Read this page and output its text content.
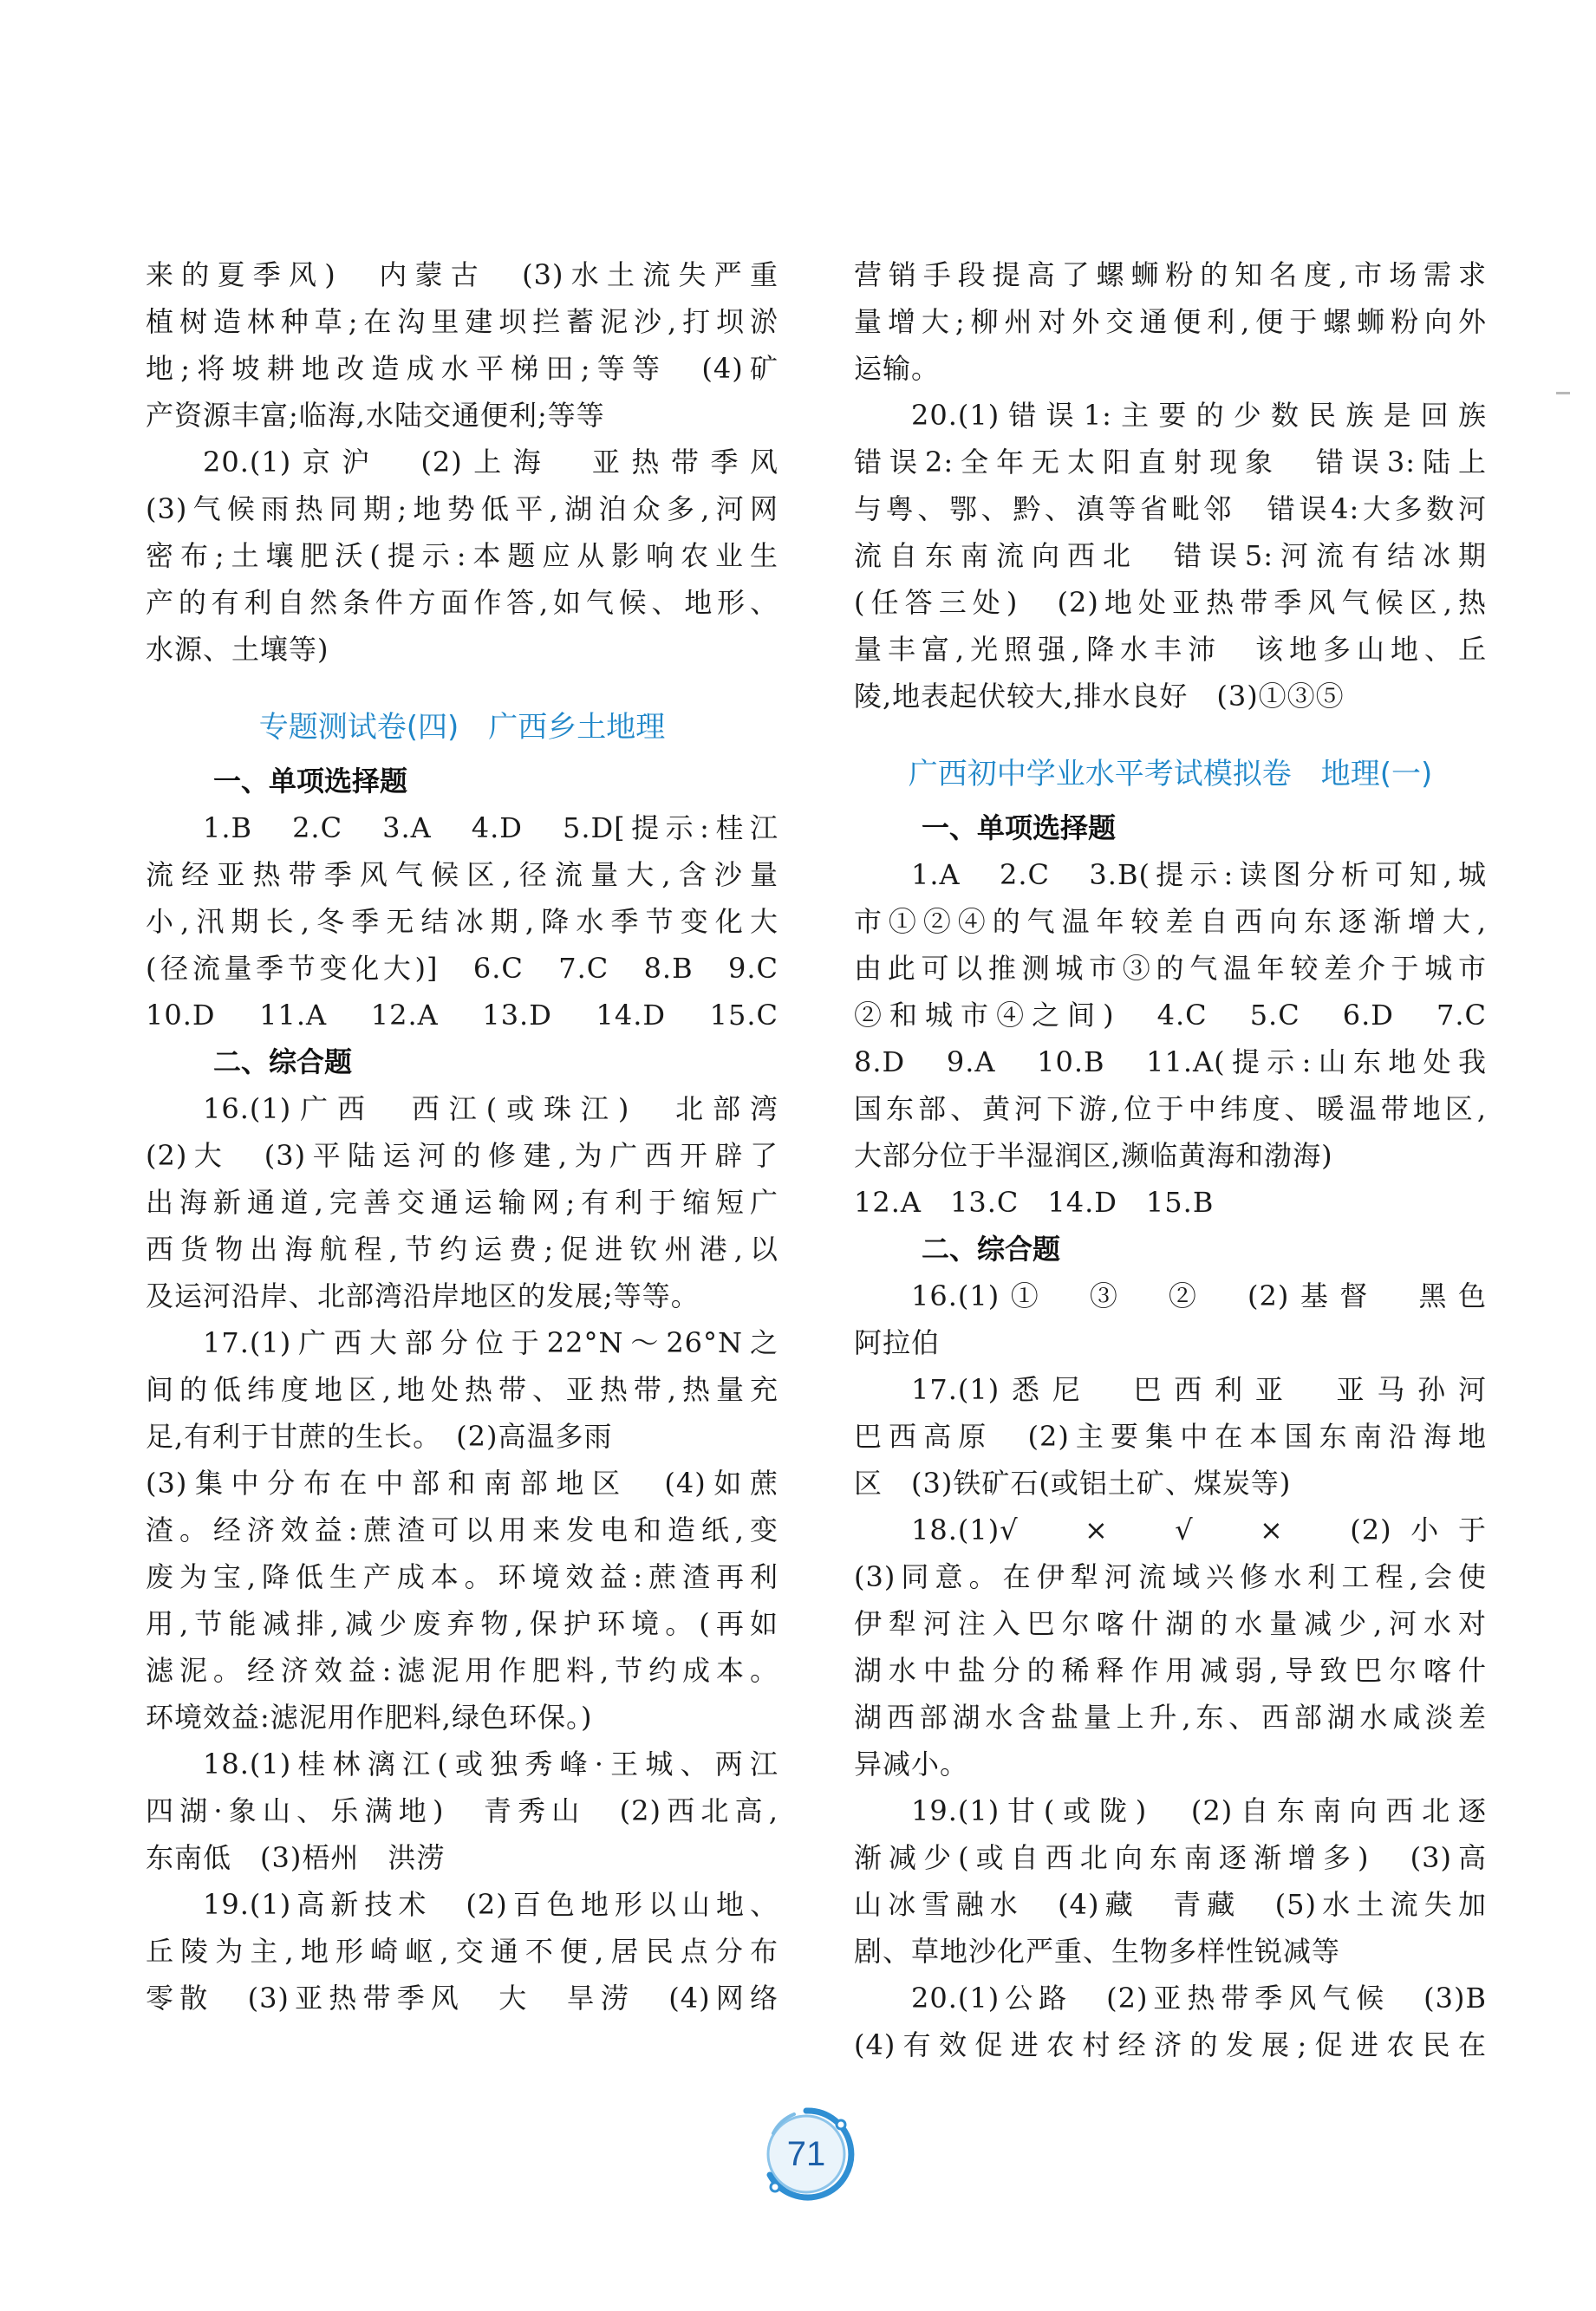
来的夏季风)　内蒙古　(3)水土流失严重
植树造林种草;在沟里建坝拦蓄泥沙,打坝淤
地;将坡耕地改造成水平梯田;等等　(4)矿
产资源丰富;临海,水陆交通便利;等等
20.(1)京沪　(2)上海　亚热带季风
(3)气候雨热同期;地势低平,湖泊众多,河网
密布;土壤肥沃(提示:本题应从影响农业生
产的有利自然条件方面作答,如气候、地形、
水源、土壤等)
专题测试卷(四)　广西乡土地理
一、单项选择题
1.B　2.C　3.A　4.D　5.D[提示:桂江
流经亚热带季风气候区,径流量大,含沙量
小,汛期长,冬季无结冰期,降水季节变化大
(径流量季节变化大)]　6.C　7.C　8.B　9.C
10.D　11.A　12.A　13.D　14.D　15.C
二、综合题
16.(1)广西　西江(或珠江)　北部湾
(2)大　(3)平陆运河的修建,为广西开辟了
出海新通道,完善交通运输网;有利于缩短广
西货物出海航程,节约运费;促进钦州港,以
及运河沿岸、北部湾沿岸地区的发展;等等。
17.(1)广西大部分位于22°N～26°N之
间的低纬度地区,地处热带、亚热带,热量充
足,有利于甘蔗的生长。　(2)高温多雨
(3)集中分布在中部和南部地区　(4)如蔗
渣。经济效益:蔗渣可以用来发电和造纸,变
废为宝,降低生产成本。环境效益:蔗渣再利
用,节能减排,减少废弃物,保护环境。(再如
滤泥。经济效益:滤泥用作肥料,节约成本。
环境效益:滤泥用作肥料,绿色环保。)
18.(1)桂林漓江(或独秀峰·王城、两江
四湖·象山、乐满地)　青秀山　(2)西北高,
东南低　(3)梧州　洪涝
19.(1)高新技术　(2)百色地形以山地、
丘陵为主,地形崎岖,交通不便,居民点分布
零散　(3)亚热带季风　大　旱涝　(4)网络
营销手段提高了螺蛳粉的知名度,市场需求
量增大;柳州对外交通便利,便于螺蛳粉向外
运输。
20.(1)错误1:主要的少数民族是回族
错误2:全年无太阳直射现象　错误3:陆上
与粤、鄂、黔、滇等省毗邻　错误4:大多数河
流自东南流向西北　错误5:河流有结冰期
(任答三处)　(2)地处亚热带季风气候区,热
量丰富,光照强,降水丰沛　该地多山地、丘
陵,地表起伏较大,排水良好　(3)①③⑤
广西初中学业水平考试模拟卷　地理(一)
一、单项选择题
1.A　2.C　3.B(提示:读图分析可知,城
市①②④的气温年较差自西向东逐渐增大,
由此可以推测城市③的气温年较差介于城市
②和城市④之间)　4.C　5.C　6.D　7.C
8.D　9.A　10.B　11.A(提示:山东地处我
国东部、黄河下游,位于中纬度、暖温带地区,
大部分位于半湿润区,濒临黄海和渤海)
12.A　13.C　14.D　15.B
二、综合题
16.(1)①　③　②　(2)基督　黑色
阿拉伯
17.(1)悉尼　巴西利亚　亚马孙河
巴西高原　(2)主要集中在本国东南沿海地
区　(3)铁矿石(或铝土矿、煤炭等)
18.(1)√　×　√　×　(2)小于
(3)同意。在伊犁河流域兴修水利工程,会使
伊犁河注入巴尔喀什湖的水量减少,河水对
湖水中盐分的稀释作用减弱,导致巴尔喀什
湖西部湖水含盐量上升,东、西部湖水咸淡差
异减小。
19.(1)甘(或陇)　(2)自东南向西北逐
渐减少(或自西北向东南逐渐增多)　(3)高
山冰雪融水　(4)藏　青藏　(5)水土流失加
剧、草地沙化严重、生物多样性锐减等
20.(1)公路　(2)亚热带季风气候　(3)B
(4)有效促进农村经济的发展;促进农民在
71
